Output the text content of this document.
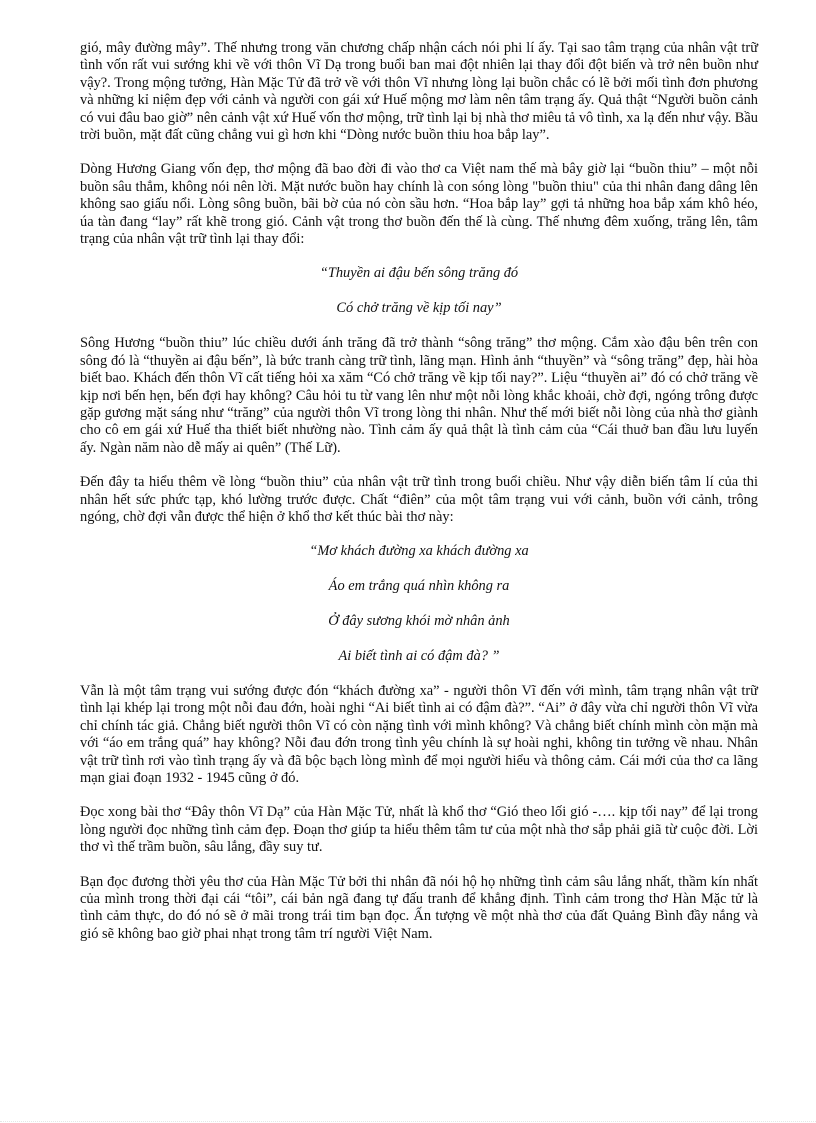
gió, mây đường mây”. Thế nhưng trong văn chương chấp nhận cách nói phi lí ấy. Tại sao tâm trạng của nhân vật trữ tình vốn rất vui sướng khi về với thôn Vĩ Dạ trong buổi ban mai đột nhiên lại thay đổi đột biến và trở nên buồn như vậy?. Trong mộng tưởng, Hàn Mặc Tử đã trở về với thôn Vĩ nhưng lòng lại buồn chắc có lẽ bởi mối tình đơn phương và những kỉ niệm đẹp với cảnh và người con gái xứ Huế mộng mơ làm nên tâm trạng ấy. Quả thật “Người buồn cảnh có vui đâu bao giờ” nên cảnh vật xứ Huế vốn thơ mộng, trữ tình lại bị nhà thơ miêu tả vô tình, xa lạ đến như vậy. Bầu trời buồn, mặt đất cũng chẳng vui gì hơn khi “Dòng nước buồn thiu hoa bắp lay”.

Dòng Hương Giang vốn đẹp, thơ mộng đã bao đời đi vào thơ ca Việt nam thế mà bây giờ lại “buồn thiu” – một nỗi buồn sâu thẳm, không nói nên lời. Mặt nước buồn hay chính là con sóng lòng "buồn thiu" của thi nhân đang dâng lên không sao giấu nổi. Lòng sông buồn, bãi bờ của nó còn sầu hơn. “Hoa bắp lay” gợi tả những hoa bắp xám khô héo, úa tàn đang “lay” rất khẽ trong gió. Cảnh vật trong thơ buồn đến thế là cùng. Thế nhưng đêm xuống, trăng lên, tâm trạng của nhân vật trữ tình lại thay đổi:

“Thuyền ai đậu bến sông trăng đó

Có chở trăng về kịp tối nay”

Sông Hương “buồn thiu” lúc chiều dưới ánh trăng đã trở thành “sông trăng” thơ mộng. Cắm xào đậu bên trên con sông đó là “thuyền ai đậu bến”, là bức tranh càng trữ tình, lãng mạn. Hình ảnh “thuyền” và “sông trăng” đẹp, hài hòa biết bao. Khách đến thôn Vĩ cất tiếng hỏi xa xăm “Có chở trăng về kịp tối nay?”. Liệu “thuyền ai” đó có chở trăng về kịp nơi bến hẹn, bến đợi hay không? Câu hỏi tu từ vang lên như một nỗi lòng khắc khoải, chờ đợi, ngóng trông được gặp gương mặt sáng như “trăng” của người thôn Vĩ trong lòng thi nhân. Như thế mới biết nỗi lòng của nhà thơ giành cho cô em gái xứ Huế tha thiết biết nhường nào. Tình cảm ấy quả thật là tình cảm của “Cái thuở ban đầu lưu luyến ấy. Ngàn năm nào dễ mấy ai quên” (Thế Lữ).

Đến đây ta hiểu thêm về lòng “buồn thiu” của nhân vật trữ tình trong buổi chiều. Như vậy diễn biến tâm lí của thi nhân hết sức phức tạp, khó lường trước được. Chất “điên” của một tâm trạng vui với cảnh, buồn với cảnh, trông ngóng, chờ đợi vẫn được thể hiện ở khổ thơ kết thúc bài thơ này:

“Mơ khách đường xa khách đường xa

Áo em trắng quá nhìn không ra

Ở đây sương khói mờ nhân ảnh

Ai biết tình ai có đậm đà? ”

Vẫn là một tâm trạng vui sướng được đón “khách đường xa” - người thôn Vĩ đến với mình, tâm trạng nhân vật trữ tình lại khép lại trong một nỗi đau đớn, hoài nghi “Ai biết tình ai có đậm đà?”. “Ai” ở đây vừa chỉ người thôn Vĩ vừa chỉ chính tác giả. Chẳng biết người thôn Vĩ có còn nặng tình với mình không? Và chẳng biết chính mình còn mặn mà với “áo em trắng quá” hay không? Nỗi đau đớn trong tình yêu chính là sự hoài nghi, không tin tưởng về nhau. Nhân vật trữ tình rơi vào tình trạng ấy và đã bộc bạch lòng mình để mọi người hiểu và thông cảm. Cái mới của thơ ca lãng mạn giai đoạn 1932 - 1945 cũng ở đó.

Đọc xong bài thơ “Đây thôn Vĩ Dạ” của Hàn Mặc Tử, nhất là khổ thơ “Gió theo lối gió -…. kịp tối nay” để lại trong lòng người đọc những tình cảm đẹp. Đoạn thơ giúp ta hiểu thêm tâm tư của một nhà thơ sắp phải giã từ cuộc đời. Lời thơ vì thế trầm buồn, sâu lắng, đầy suy tư.

Bạn đọc đương thời yêu thơ của Hàn Mặc Tử bởi thi nhân đã nói hộ họ những tình cảm sâu lắng nhất, thầm kín nhất của mình trong thời đại cái “tôi”, cái bản ngã đang tự đấu tranh để khẳng định. Tình cảm trong thơ Hàn Mặc tử là tình cảm thực, do đó nó sẽ ở mãi trong trái tim bạn đọc. Ấn tượng về một nhà thơ của đất Quảng Bình đầy nắng và gió sẽ không bao giờ phai nhạt trong tâm trí người Việt Nam.
